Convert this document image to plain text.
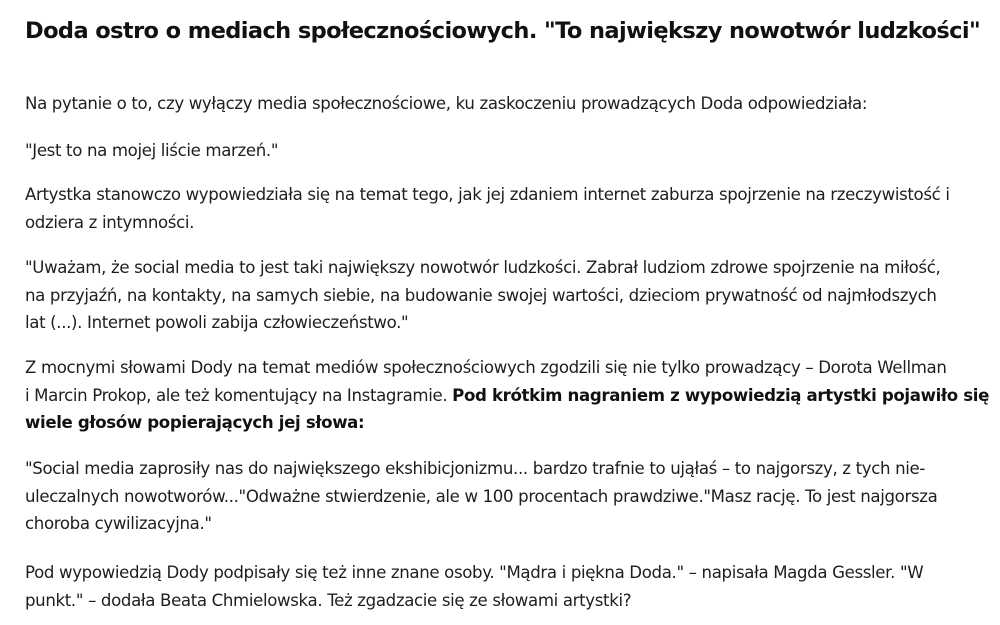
Doda ostro o mediach społecznościowych. "To największy nowotwór ludzkości"

Na pytanie o to, czy wyłączy media społecznościowe, ku zaskoczeniu prowadzących Doda odpowiedziała:

"Jest to na mojej liście marzeń."

Artystka stanowczo wypowiedziała się na temat tego, jak jej zdaniem internet zaburza spojrzenie na rzeczywistość i
odziera z intymności.

"Uważam, że social media to jest taki największy nowotwór ludzkości. Zabrał ludziom zdrowe spojrzenie na miłość,
na przyjaźń, na kontakty, na samych siebie, na budowanie swojej wartości, dzieciom prywatność od najmłodszych
lat (...). Internet powoli zabija człowieczeństwo."

Z mocnymi słowami Dody na temat mediów społecznościowych zgodzili się nie tylko prowadzący – Dorota Wellman
i Marcin Prokop, ale też komentujący na Instagramie. Pod krótkim nagraniem z wypowiedzią artystki pojawiło się
wiele głosów popierających jej słowa:

"Social media zaprosiły nas do największego ekshibicjonizmu... bardzo trafnie to ująłaś – to najgorszy, z tych nie-
uleczalnych nowotworów..."Odważne stwierdzenie, ale w 100 procentach prawdziwe."Masz rację. To jest najgorsza
choroba cywilizacyjna."

Pod wypowiedzią Dody podpisały się też inne znane osoby. "Mądra i piękna Doda." – napisała Magda Gessler. "W
punkt." – dodała Beata Chmielowska. Też zgadzacie się ze słowami artystki?
